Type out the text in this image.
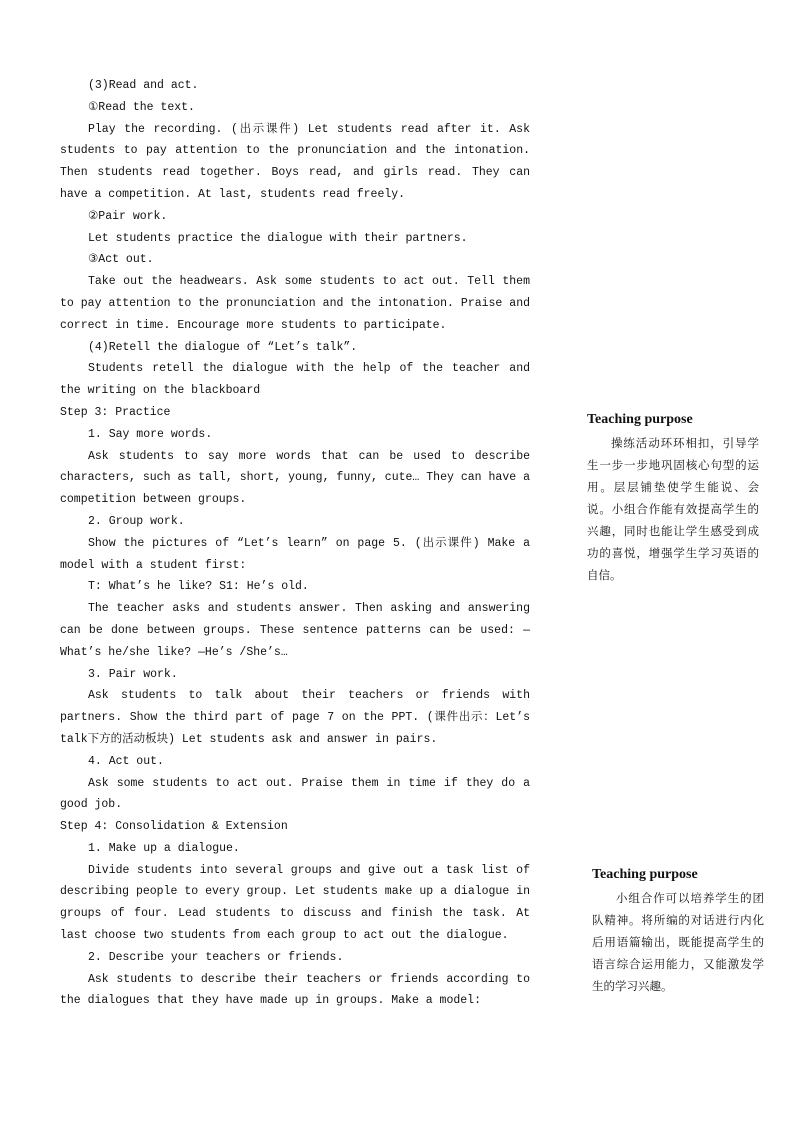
(3)Read and act.

①Read the text.

Play the recording. (出示课件) Let students read after it. Ask students to pay attention to the pronunciation and the intonation. Then students read together. Boys read, and girls read. They can have a competition. At last, students read freely.

②Pair work.

Let students practice the dialogue with their partners.

③Act out.

Take out the headwears. Ask some students to act out. Tell them to pay attention to the pronunciation and the intonation. Praise and correct in time. Encourage more students to participate.

(4)Retell the dialogue of “Let’s talk”.

Students retell the dialogue with the help of the teacher and the writing on the blackboard

Step 3: Practice

1. Say more words.

Ask students to say more words that can be used to describe characters, such as tall, short, young, funny, cute… They can have a competition between groups.

2. Group work.

Show the pictures of “Let’s learn” on page 5. (出示课件) Make a model with a student first:

T: What’s he like? S1: He’s old.

The teacher asks and students answer. Then asking and answering can be done between groups. These sentence patterns can be used: —What’s he/she like? —He’s /She’s…

3. Pair work.

Ask students to talk about their teachers or friends with partners. Show the third part of page 7 on the PPT. (课件出示：Let’s talk下方的活动板块) Let students ask and answer in pairs.

4. Act out.

Ask some students to act out. Praise them in time if they do a good job.

Step 4: Consolidation & Extension

1. Make up a dialogue.

Divide students into several groups and give out a task list of describing people to every group. Let students make up a dialogue in groups of four. Lead students to discuss and finish the task. At last choose two students from each group to act out the dialogue.

2. Describe your teachers or friends.

Ask students to describe their teachers or friends according to the dialogues that they have made up in groups. Make a model:

Teaching purpose

操练活动环环相扣，引导学生一步一步地巩固核心句型的运用。层层铺垫使学生能说、会说。小组合作能有效提高学生的兴趣，同时也能让学生感受到成功的喜悦，增强学生学习英语的自信。

Teaching purpose

小组合作可以培养学生的团队精神。将所编的对话进行内化后用语篇输出，既能提高学生的语言综合运用能力，又能激发学生的学习兴趣。
